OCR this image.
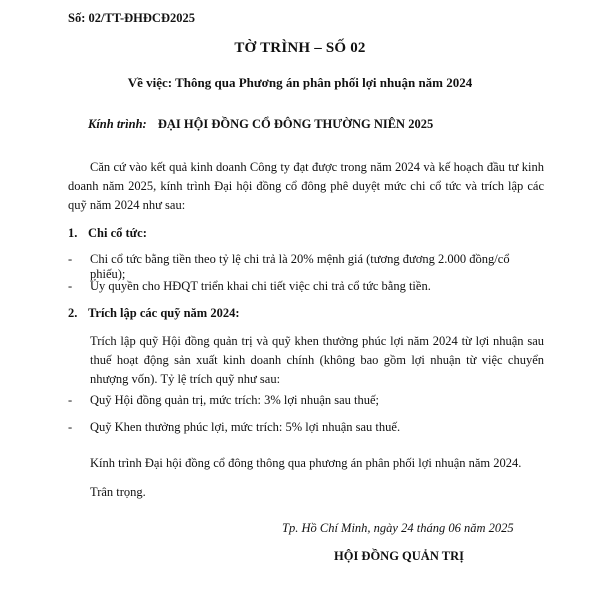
Số: 02/TT-ĐHĐCĐ2025
TỜ TRÌNH – SỐ 02
Về việc: Thông qua Phương án phân phối lợi nhuận năm 2024
Kính trình: ĐẠI HỘI ĐỒNG CỔ ĐÔNG THƯỜNG NIÊN 2025
Căn cứ vào kết quả kinh doanh Công ty đạt được trong năm 2024 và kế hoạch đầu tư kinh doanh năm 2025, kính trình Đại hội đồng cổ đông phê duyệt mức chi cổ tức và trích lập các quỹ năm 2024 như sau:
1. Chi cổ tức:
- Chi cổ tức bằng tiền theo tỷ lệ chi trả là 20% mệnh giá (tương đương 2.000 đồng/cổ phiếu);
- Ủy quyền cho HĐQT triển khai chi tiết việc chi trả cổ tức bằng tiền.
2. Trích lập các quỹ năm 2024:
Trích lập quỹ Hội đồng quản trị và quỹ khen thưởng phúc lợi năm 2024 từ lợi nhuận sau thuế hoạt động sản xuất kinh doanh chính (không bao gồm lợi nhuận từ việc chuyển nhượng vốn). Tỷ lệ trích quỹ như sau:
- Quỹ Hội đồng quản trị, mức trích: 3% lợi nhuận sau thuế;
- Quỹ Khen thưởng phúc lợi, mức trích: 5% lợi nhuận sau thuế.
Kính trình Đại hội đồng cổ đông thông qua phương án phân phối lợi nhuận năm 2024.
Trân trọng.
Tp. Hồ Chí Minh, ngày 24 tháng 06 năm 2025
HỘI ĐỒNG QUẢN TRỊ
